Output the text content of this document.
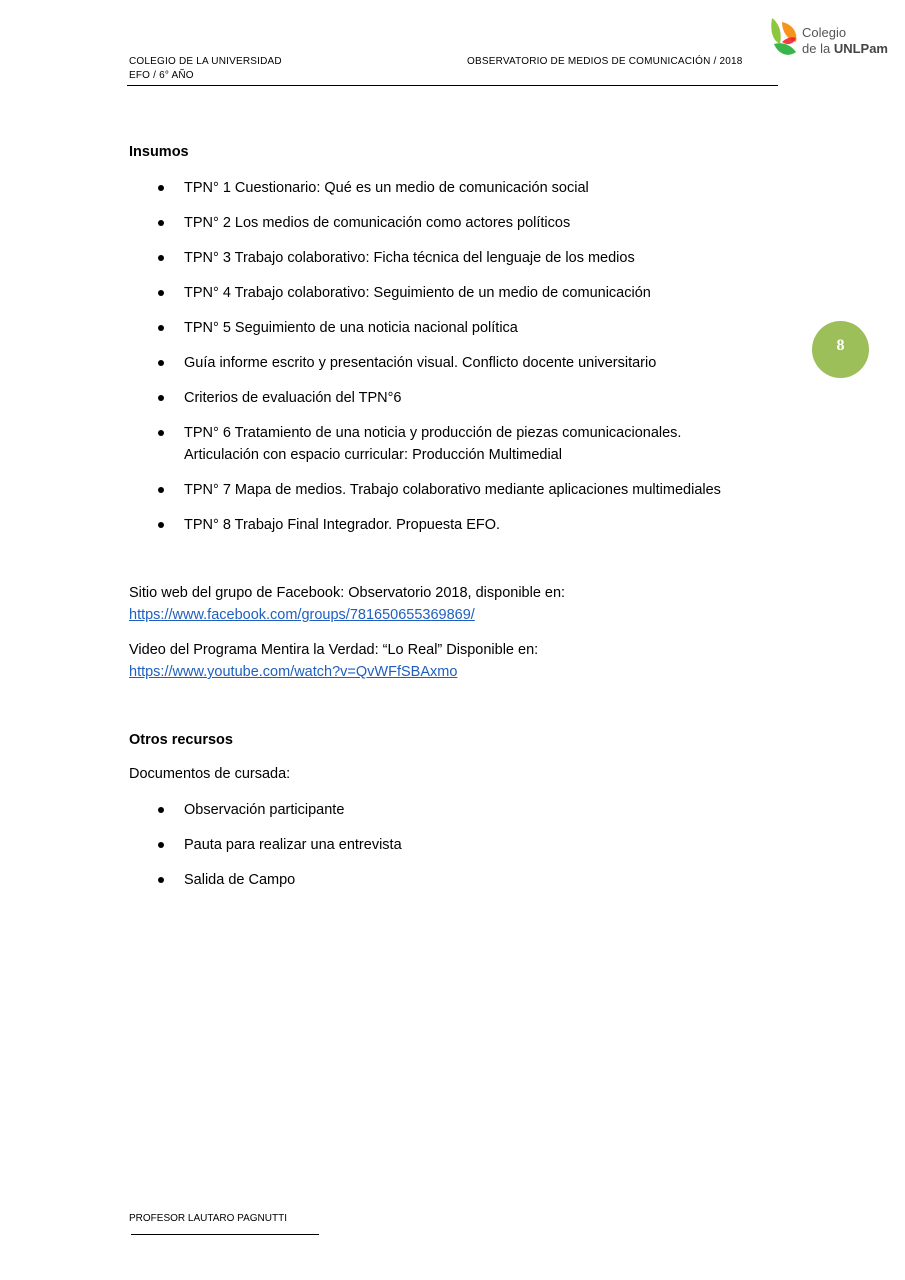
COLEGIO DE LA UNIVERSIDAD
EFO / 6° AÑO
OBSERVATORIO DE MEDIOS DE COMUNICACIÓN / 2018
Colegio
de la UNLPam
8
Insumos
TPN° 1 Cuestionario: Qué es un medio de comunicación social
TPN° 2 Los medios de comunicación como actores políticos
TPN° 3 Trabajo colaborativo: Ficha técnica del lenguaje de los medios
TPN° 4 Trabajo colaborativo: Seguimiento de un medio de comunicación
TPN° 5 Seguimiento de una noticia nacional política
Guía informe escrito y presentación visual. Conflicto docente universitario
Criterios de evaluación del TPN°6
TPN° 6 Tratamiento de una noticia y producción de piezas comunicacionales.
Articulación con espacio curricular: Producción Multimedial
TPN° 7 Mapa de medios. Trabajo colaborativo mediante aplicaciones multimediales
TPN° 8 Trabajo Final Integrador. Propuesta EFO.
Sitio web del grupo de Facebook: Observatorio 2018, disponible en:
https://www.facebook.com/groups/781650655369869/
Video del Programa Mentira la Verdad: “Lo Real” Disponible en:
https://www.youtube.com/watch?v=QvWFfSBAxmo
Otros recursos
Documentos de cursada:
Observación participante
Pauta para realizar una entrevista
Salida de Campo
PROFESOR LAUTARO PAGNUTTI
